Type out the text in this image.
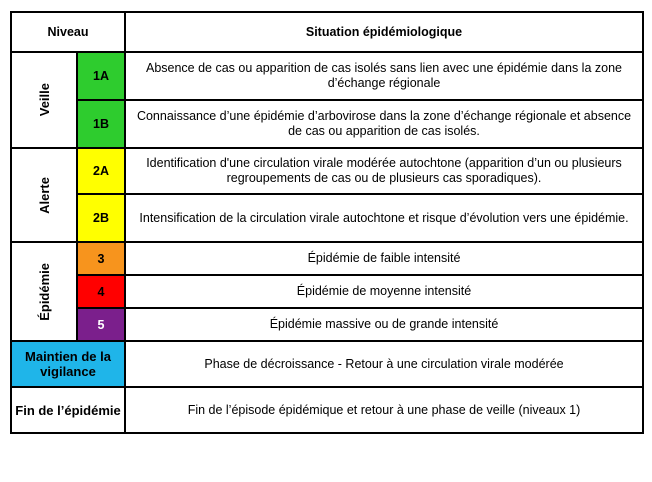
Niveau		Situation épidémiologique

Veille	1A	Absence de cas ou apparition de cas isolés sans lien avec une épidémie dans la zone d’échange régionale
	1B	Connaissance d’une épidémie d’arbovirose dans la zone d’échange régionale et absence de cas ou apparition de cas isolés.

Alerte	2A	Identification d'une circulation virale modérée autochtone (apparition d’un ou plusieurs regroupements de cas ou de plusieurs cas sporadiques).
	2B	Intensification de la circulation virale autochtone et risque d’évolution vers une épidémie.

Épidémie	3	Épidémie de faible intensité
	4	Épidémie de moyenne intensité
	5	Épidémie massive ou de grande intensité
Maintien de la vigilance		Phase de décroissance - Retour à une circulation virale modérée
Fin de l’épidémie		Fin de l’épisode épidémique et retour à une phase de veille (niveaux 1)
